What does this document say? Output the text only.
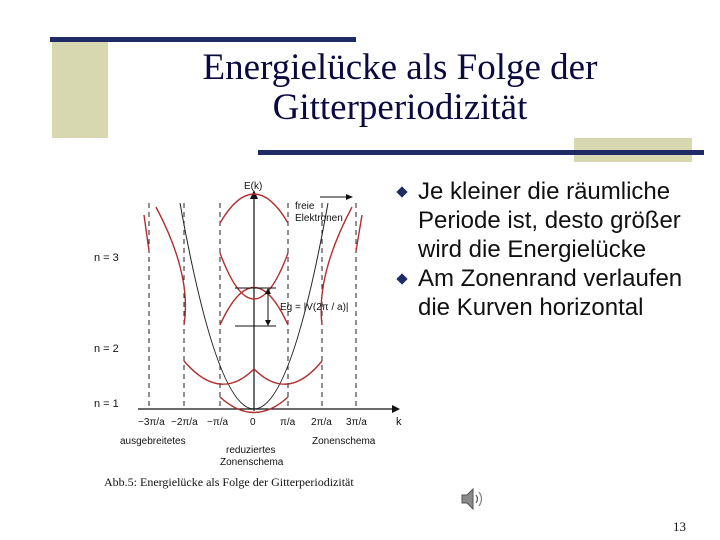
Energielücke als Folge der
Gitterperiodizität
E(k)
k
freie
Elektronen
Eg = |V(2π / a)|
n = 3
n = 2
n = 1
−3π/a −2π/a −π/a 0 π/a 2π/a 3π/a
ausgebreitetes
reduziertes
Zonenschema
Zonenschema
Abb.5: Energielücke als Folge der Gitterperiodizität
Je kleiner die räumliche Periode ist, desto größer wird die Energielücke
Am Zonenrand verlaufen die Kurven horizontal
13
